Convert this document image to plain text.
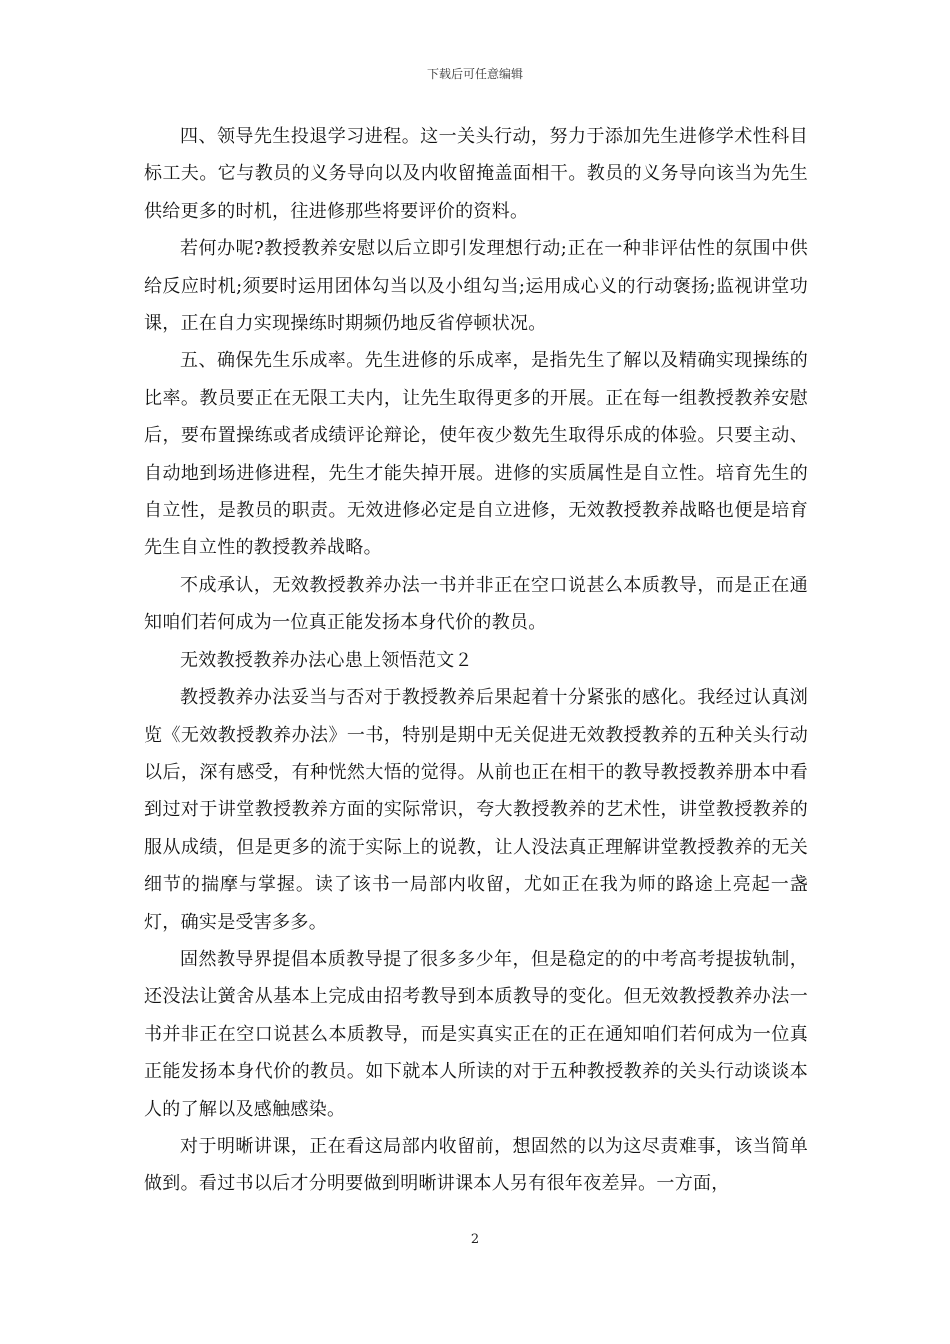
下载后可任意编辑

四、领导先生投退学习进程。这一关头行动，努力于添加先生进修学术性科目标工夫。它与教员的义务导向以及内收留掩盖面相干。教员的义务导向该当为先生供给更多的时机，往进修那些将要评价的资料。

若何办呢?教授教养安慰以后立即引发理想行动;正在一种非评估性的氛围中供给反应时机;须要时运用团体勾当以及小组勾当;运用成心义的行动褒扬;监视讲堂功课，正在自力实现操练时期频仍地反省停顿状况。

五、确保先生乐成率。先生进修的乐成率，是指先生了解以及精确实现操练的比率。教员要正在无限工夫内，让先生取得更多的开展。正在每一组教授教养安慰后，要布置操练或者成绩评论辩论，使年夜少数先生取得乐成的体验。只要主动、自动地到场进修进程，先生才能失掉开展。进修的实质属性是自立性。培育先生的自立性，是教员的职责。无效进修必定是自立进修，无效教授教养战略也便是培育先生自立性的教授教养战略。

不成承认，无效教授教养办法一书并非正在空口说甚么本质教导，而是正在通知咱们若何成为一位真正能发扬本身代价的教员。

无效教授教养办法心患上领悟范文２

教授教养办法妥当与否对于教授教养后果起着十分紧张的感化。我经过认真浏览《无效教授教养办法》一书，特别是期中无关促进无效教授教养的五种关头行动以后，深有感受，有种恍然大悟的觉得。从前也正在相干的教导教授教养册本中看到过对于讲堂教授教养方面的实际常识，夸大教授教养的艺术性，讲堂教授教养的服从成绩，但是更多的流于实际上的说教，让人没法真正理解讲堂教授教养的无关细节的揣摩与掌握。读了该书一局部内收留，尤如正在我为师的路途上亮起一盏灯，确实是受害多多。

固然教导界提倡本质教导提了很多多少年，但是稳定的的中考高考提拔轨制，还没法让黉舍从基本上完成由招考教导到本质教导的变化。但无效教授教养办法一书并非正在空口说甚么本质教导，而是实真实正在的正在通知咱们若何成为一位真正能发扬本身代价的教员。如下就本人所读的对于五种教授教养的关头行动谈谈本人的了解以及感触感染。

对于明晰讲课，正在看这局部内收留前，想固然的以为这尽责难事，该当简单做到。看过书以后才分明要做到明晰讲课本人另有很年夜差异。一方面，

2
